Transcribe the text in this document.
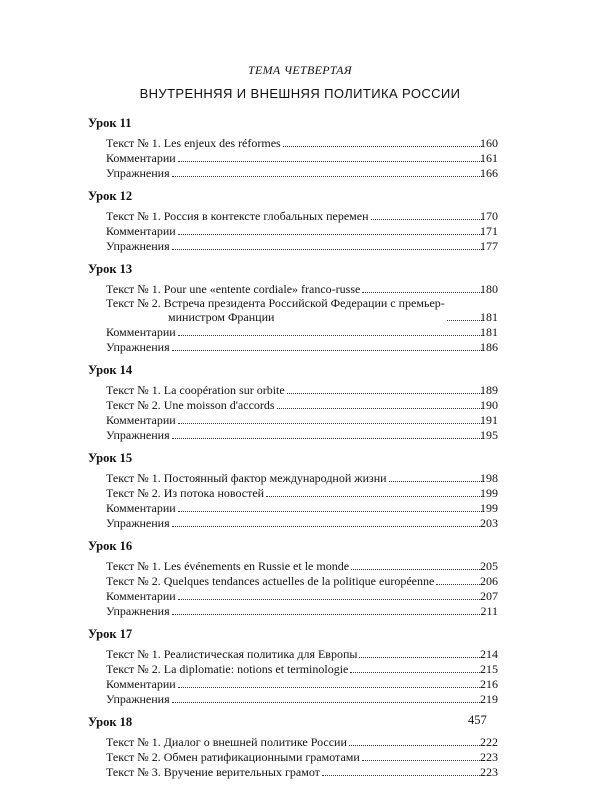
ТЕМА ЧЕТВЕРТАЯ
ВНУТРЕННЯЯ И ВНЕШНЯЯ ПОЛИТИКА РОССИИ
Урок 11
Текст № 1. Les enjeux des réformes	160
Комментарии	161
Упражнения	166
Урок 12
Текст № 1. Россия в контексте глобальных перемен	170
Комментарии	171
Упражнения	177
Урок 13
Текст № 1. Pour une «entente cordiale» franco-russe	180
Текст № 2. Встреча президента Российской Федерации с премьер-
министром Франции	181
Комментарии	181
Упражнения	186
Урок 14
Текст № 1. La coopération sur orbite	189
Текст № 2. Une moisson d'accords	190
Комментарии	191
Упражнения	195
Урок 15
Текст № 1. Постоянный фактор международной жизни	198
Текст № 2. Из потока новостей	199
Комментарии	199
Упражнения	203
Урок 16
Текст № 1. Les événements en Russie et le monde	205
Текст № 2. Quelques tendances actuelles de la politique européenne	206
Комментарии	207
Упражнения	211
Урок 17
Текст № 1. Реалистическая политика для Европы	214
Текст № 2. La diplomatie: notions et terminologie	215
Комментарии	216
Упражнения	219
Урок 18
Текст № 1. Диалог о внешней политике России	222
Текст № 2. Обмен ратификационными грамотами	223
Текст № 3. Вручение верительных грамот	223
457
